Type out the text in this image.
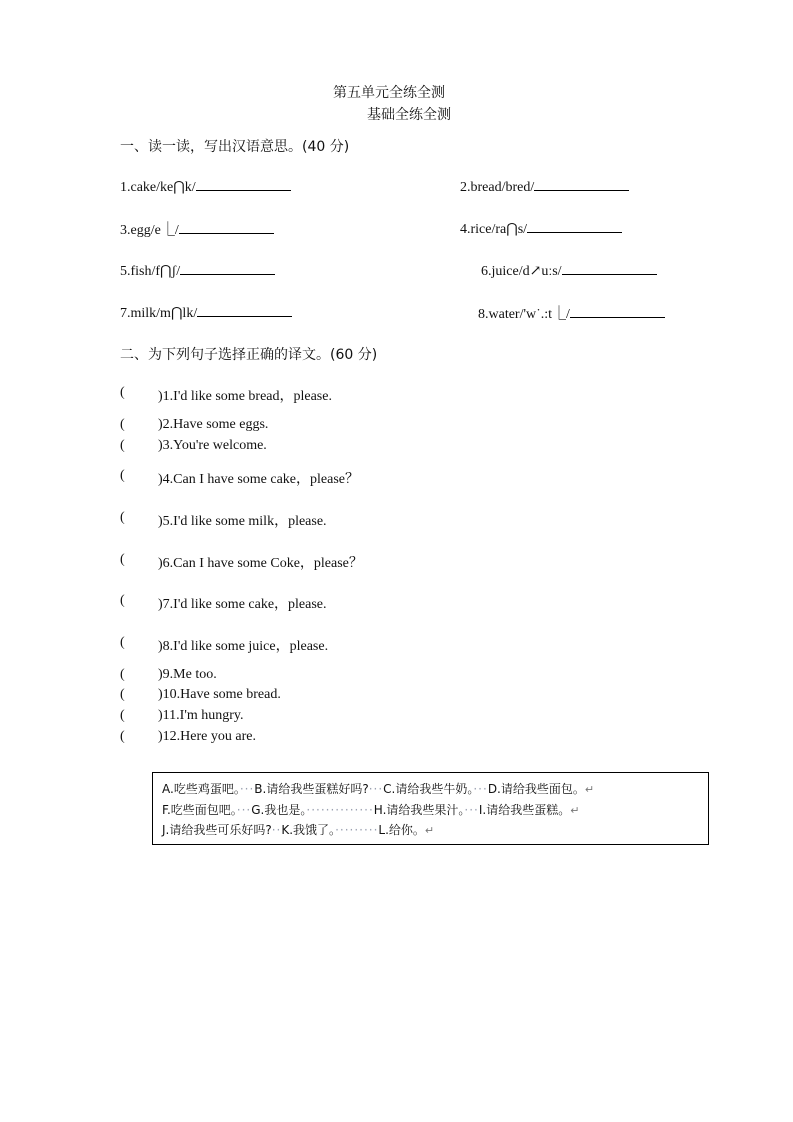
第五单元全练全测
基础全练全测
一、读一读，写出汉语意思。(40 分)
1.cake/ke⋂k/	2.bread/bred/
3.egg/e⎿/	4.rice/ra⋂s/
5.fish/f⋂ʃ/	6.juice/d↗uːs/
7.milk/m⋂lk/	8.water/'w˙.:t⎿/
二、为下列句子选择正确的译文。(60 分)
( )1.I'd like some bread，please.
( )2.Have some eggs.
( )3.You're welcome.
( )4.Can I have some cake，please？
( )5.I'd like some milk，please.
( )6.Can I have some Coke，please？
( )7.I'd like some cake，please.
( )8.I'd like some juice，please.
( )9.Me too.
( )10.Have some bread.
( )11.I'm hungry.
( )12.Here you are.
A.吃些鸡蛋吧。···B.请给我些蛋糕好吗?···C.请给我些牛奶。···D.请给我些面包。↵
F.吃些面包吧。···G.我也是。··············H.请给我些果汁。···I.请给我些蛋糕。↵
J.请给我些可乐好吗?··K.我饿了。·········L.给你。↵
